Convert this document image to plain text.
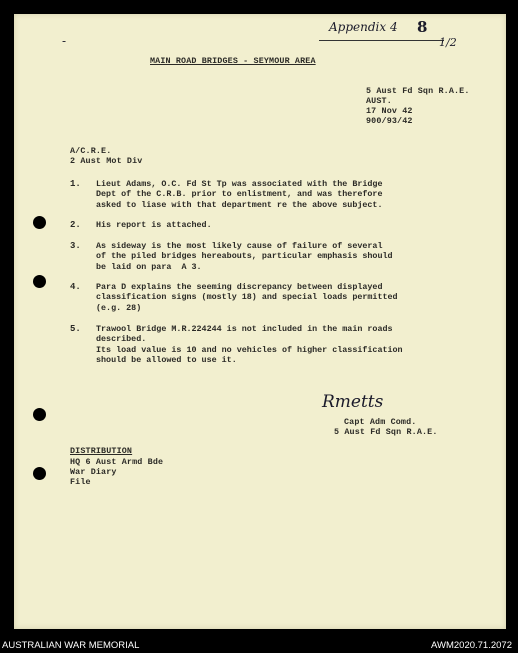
Appendix 4 8
1/2
-
MAIN ROAD BRIDGES - SEYMOUR AREA
5 Aust Fd Sqn R.A.E.
AUST.
17 Nov 42
900/93/42
A/C.R.E.
2 Aust Mot Div
1. Lieut Adams, O.C. Fd St Tp was associated with the Bridge
Dept of the C.R.B. prior to enlistment, and was therefore
asked to liase with that department re the above subject.
2. His report is attached.
3. As sideway is the most likely cause of failure of several
of the piled bridges hereabouts, particular emphasis should
be laid on para  A 3.
4. Para D explains the seeming discrepancy between displayed
classification signs (mostly 18) and special loads permitted
(e.g. 28)
5. Trawool Bridge M.R.224244 is not included in the main roads
described.
Its load value is 10 and no vehicles of higher classification
should be allowed to use it.
Rmetts
Capt Adm Comd.
5 Aust Fd Sqn R.A.E.
DISTRIBUTION
HQ 6 Aust Armd Bde
War Diary
File
AUSTRALIAN WAR MEMORIAL	AWM2020.71.2072
